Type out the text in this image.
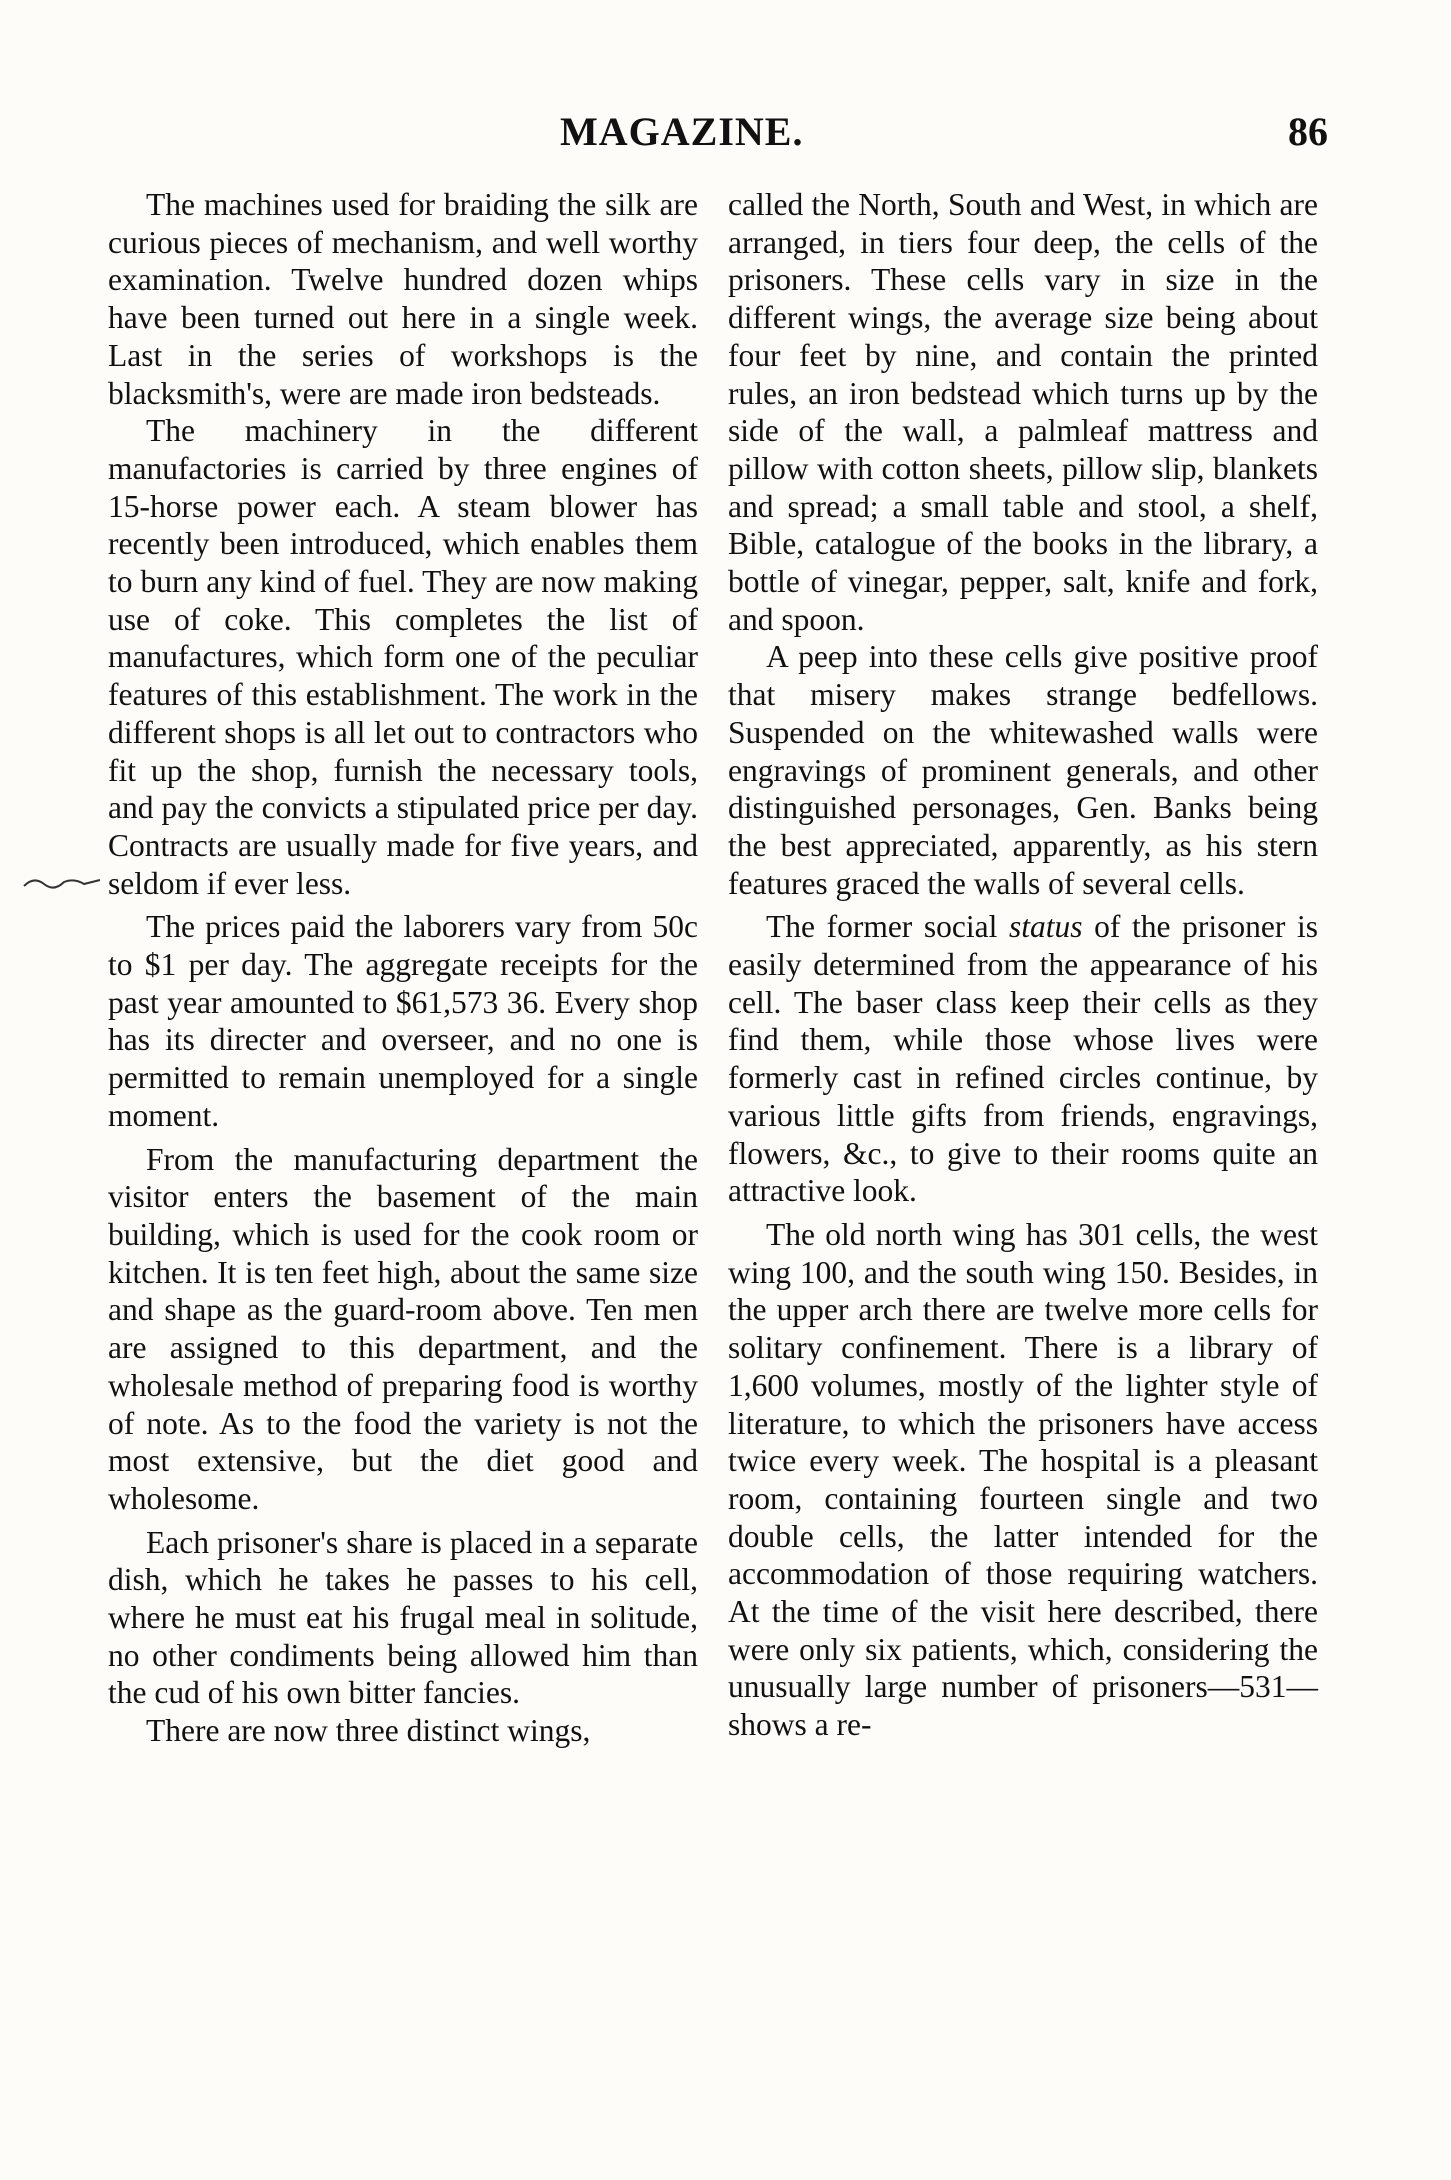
MAGAZINE.	86

The machines used for braiding the silk are curious pieces of mechanism, and well worthy examination. Twelve hundred dozen whips have been turned out here in a single week. Last in the series of workshops is the blacksmith's, were are made iron bedsteads.

The machinery in the different manufactories is carried by three engines of 15-horse power each. A steam blower has recently been introduced, which enables them to burn any kind of fuel. They are now making use of coke. This completes the list of manufactures, which form one of the peculiar features of this establishment. The work in the different shops is all let out to contractors who fit up the shop, furnish the necessary tools, and pay the convicts a stipulated price per day. Contracts are usually made for five years, and seldom if ever less.

The prices paid the laborers vary from 50c to $1 per day. The aggregate receipts for the past year amounted to $61,573 36. Every shop has its directer and overseer, and no one is permitted to remain unemployed for a single moment.

From the manufacturing department the visitor enters the basement of the main building, which is used for the cook room or kitchen. It is ten feet high, about the same size and shape as the guard-room above. Ten men are assigned to this department, and the wholesale method of preparing food is worthy of note. As to the food the variety is not the most extensive, but the diet good and wholesome.

Each prisoner's share is placed in a separate dish, which he takes he passes to his cell, where he must eat his frugal meal in solitude, no other condiments being allowed him than the cud of his own bitter fancies.

There are now three distinct wings,

called the North, South and West, in which are arranged, in tiers four deep, the cells of the prisoners. These cells vary in size in the different wings, the average size being about four feet by nine, and contain the printed rules, an iron bedstead which turns up by the side of the wall, a palmleaf mattress and pillow with cotton sheets, pillow slip, blankets and spread; a small table and stool, a shelf, Bible, catalogue of the books in the library, a bottle of vinegar, pepper, salt, knife and fork, and spoon.

A peep into these cells give positive proof that misery makes strange bedfellows. Suspended on the whitewashed walls were engravings of prominent generals, and other distinguished personages, Gen. Banks being the best appreciated, apparently, as his stern features graced the walls of several cells.

The former social status of the prisoner is easily determined from the appearance of his cell. The baser class keep their cells as they find them, while those whose lives were formerly cast in refined circles continue, by various little gifts from friends, engravings, flowers, &c., to give to their rooms quite an attractive look.

The old north wing has 301 cells, the west wing 100, and the south wing 150. Besides, in the upper arch there are twelve more cells for solitary confinement. There is a library of 1,600 volumes, mostly of the lighter style of literature, to which the prisoners have access twice every week. The hospital is a pleasant room, containing fourteen single and two double cells, the latter intended for the accommodation of those requiring watchers. At the time of the visit here described, there were only six patients, which, considering the unusually large number of prisoners—531—shows a re-
